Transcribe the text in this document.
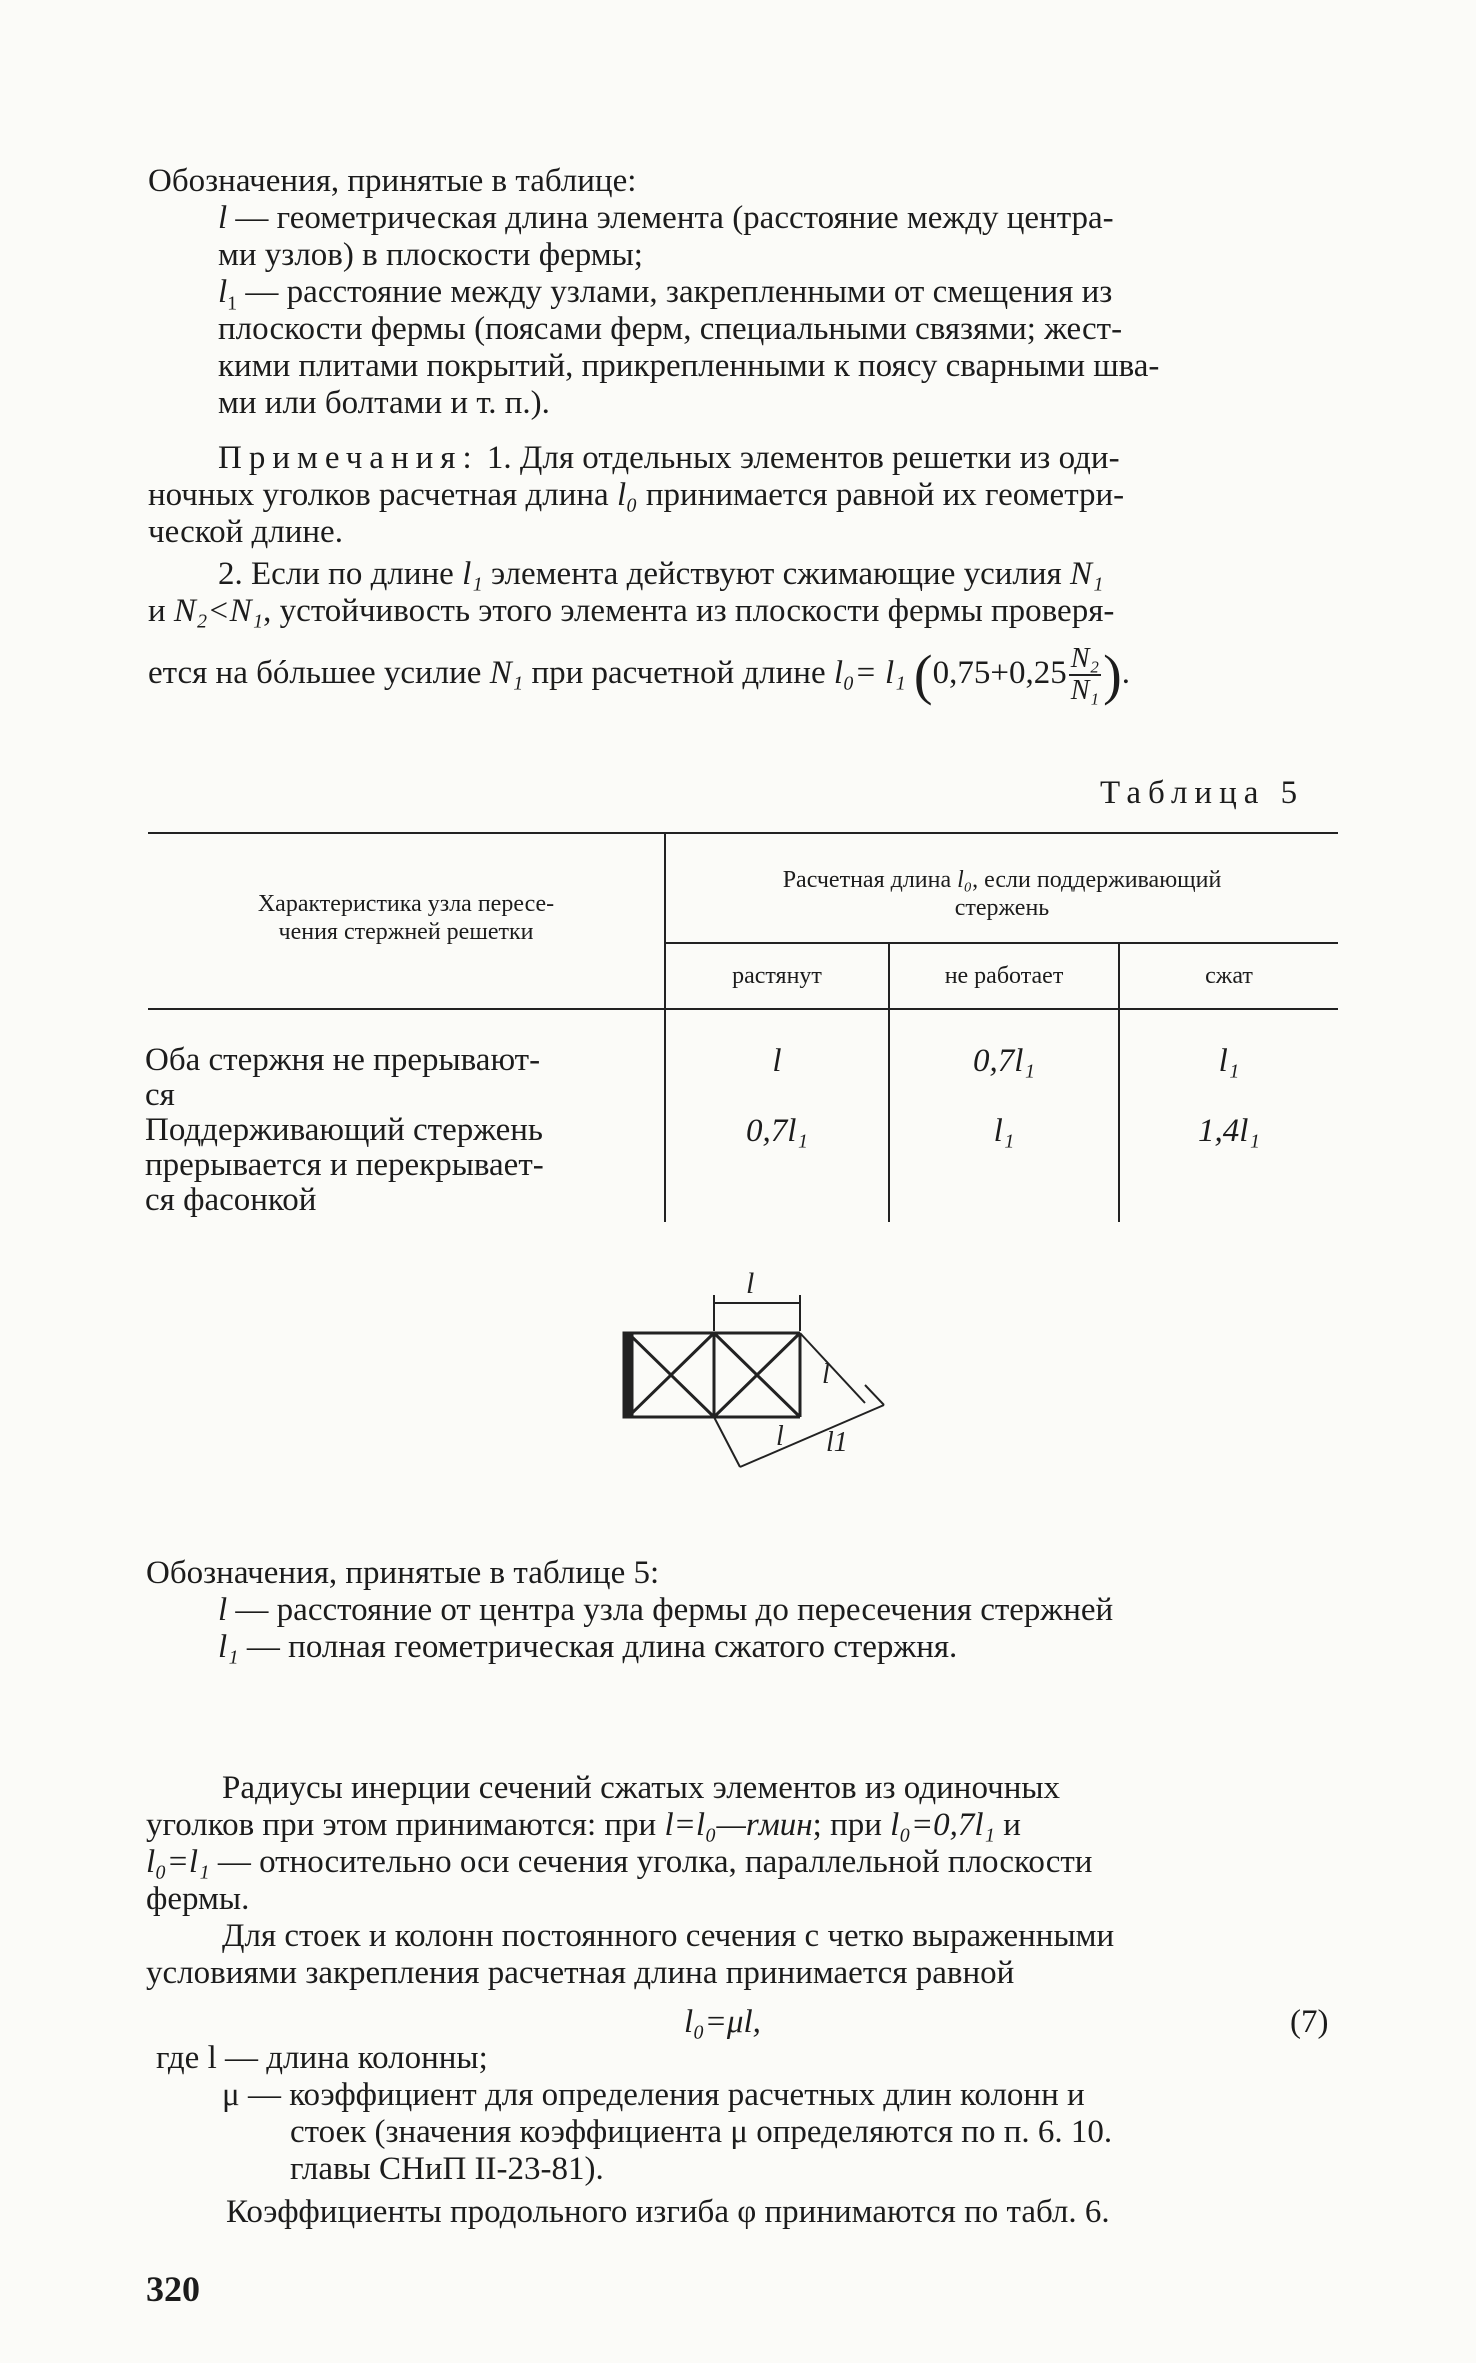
Обозначения, принятые в таблице:
l — геометрическая длина элемента (расстояние между центра-
ми узлов) в плоскости фермы;
$l_1$ — расстояние между узлами, закрепленными от смещения из
плоскости фермы (поясами ферм, специальными связями; жест-
кими плитами покрытий, прикрепленными к поясу сварными шва-
ми или болтами и т. п.).
Примечания: 1. Для отдельных элементов решетки из оди-
ночных уголков расчетная длина l₀ принимается равной их геометри-
ческой длине.
2. Если по длине l₁ элемента действуют сжимающие усилия N₁
и N₂<N₁, устойчивость этого элемента из плоскости фермы проверя-
ется на бóльшее усилие N₁ при расчетной длине l₀= l₁ ($0,75+0,25 \frac{\text{N₂}}{\text{N₁}}$ ).
Таблица 5
Характеристика узла пересе-
чения стержней решетки
Расчетная длина l₀, если поддерживающий
стержень
растянут	не работает	сжат
Оба стержня не прерывают-
ся
l	0,7l₁	l₁
Поддерживающий стержень
прерывается и перекрывает-
ся фасонкой
0,7l₁	l₁	1,4l₁
l
l
l l1
Обозначения, принятые в таблице 5:
l — расстояние от центра узла фермы до пересечения стержней
l₁ — полная геометрическая длина сжатого стержня.
Радиусы инерции сечений сжатых элементов из одиночных
уголков при этом принимаются: при l=l₀—rмин; при l₀=0,7l₁ и
l₀=l₁ — относительно оси сечения уголка, параллельной плоскости
фермы.
Для стоек и колонн постоянного сечения с четко выраженными
условиями закрепления расчетная длина принимается равной
l₀=μl,	(7)
где l — длина колонны;
μ — коэффициент для определения расчетных длин колонн и
стоек (значения коэффициента μ определяются по п. 6. 10.
главы СНиП II-23-81).
Коэффициенты продольного изгиба φ принимаются по табл. 6.
320
